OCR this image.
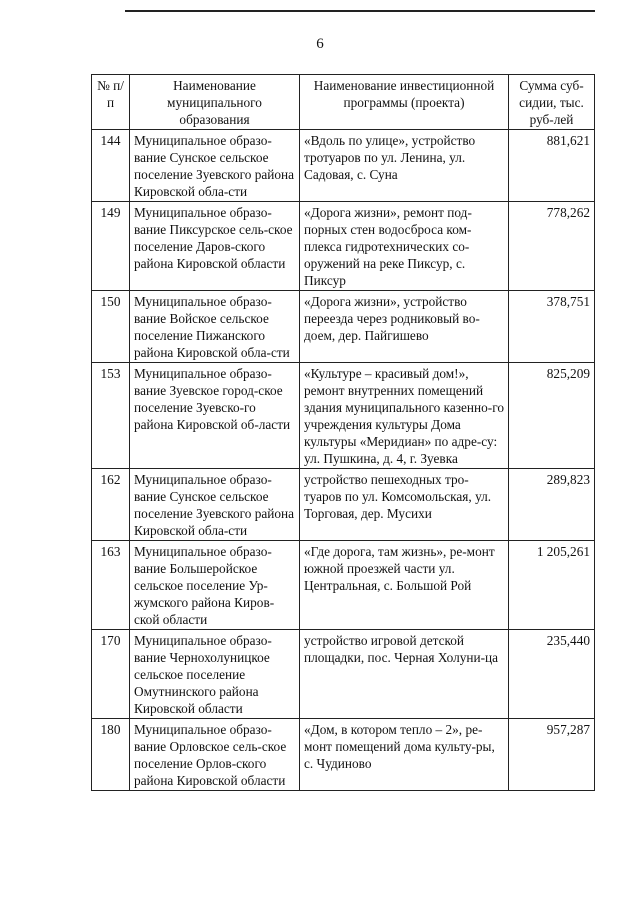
6
№ п/п	Наименование муниципального образования	Наименование инвестиционной программы (проекта)	Сумма суб-сидии, тыс. руб-лей
144	Муниципальное образо-вание Сунское сельское поселение Зуевского района Кировской обла-сти	«Вдоль по улице», устройство тротуаров по ул. Ленина, ул. Садовая, с. Суна	881,621
149	Муниципальное образо-вание Пиксурское сель-ское поселение Даров-ского района Кировской области	«Дорога жизни», ремонт под-порных стен водосброса ком-плекса гидротехнических со-оружений на реке Пиксур, с. Пиксур	778,262
150	Муниципальное образо-вание Войское сельское поселение Пижанского района Кировской обла-сти	«Дорога жизни», устройство переезда через родниковый во-доем, дер. Пайгишево	378,751
153	Муниципальное образо-вание Зуевское город-ское поселение Зуевско-го района Кировской об-ласти	«Культуре – красивый дом!», ремонт внутренних помещений здания муниципального казенно-го учреждения культуры Дома культуры «Меридиан» по адре-су: ул. Пушкина, д. 4, г. Зуевка	825,209
162	Муниципальное образо-вание Сунское сельское поселение Зуевского района Кировской обла-сти	устройство пешеходных тро-туаров по ул. Комсомольская, ул. Торговая, дер. Мусихи	289,823
163	Муниципальное образо-вание Большеройское сельское поселение Ур-жумского района Киров-ской области	«Где дорога, там жизнь», ре-монт южной проезжей части ул. Центральная, с. Большой Рой	1 205,261
170	Муниципальное образо-вание Чернохолуницкое сельское поселение Омутнинского района Кировской области	устройство игровой детской площадки, пос. Черная Холуни-ца	235,440
180	Муниципальное образо-вание Орловское сель-ское поселение Орлов-ского района Кировской области	«Дом, в котором тепло – 2», ре-монт помещений дома культу-ры, с. Чудиново	957,287
